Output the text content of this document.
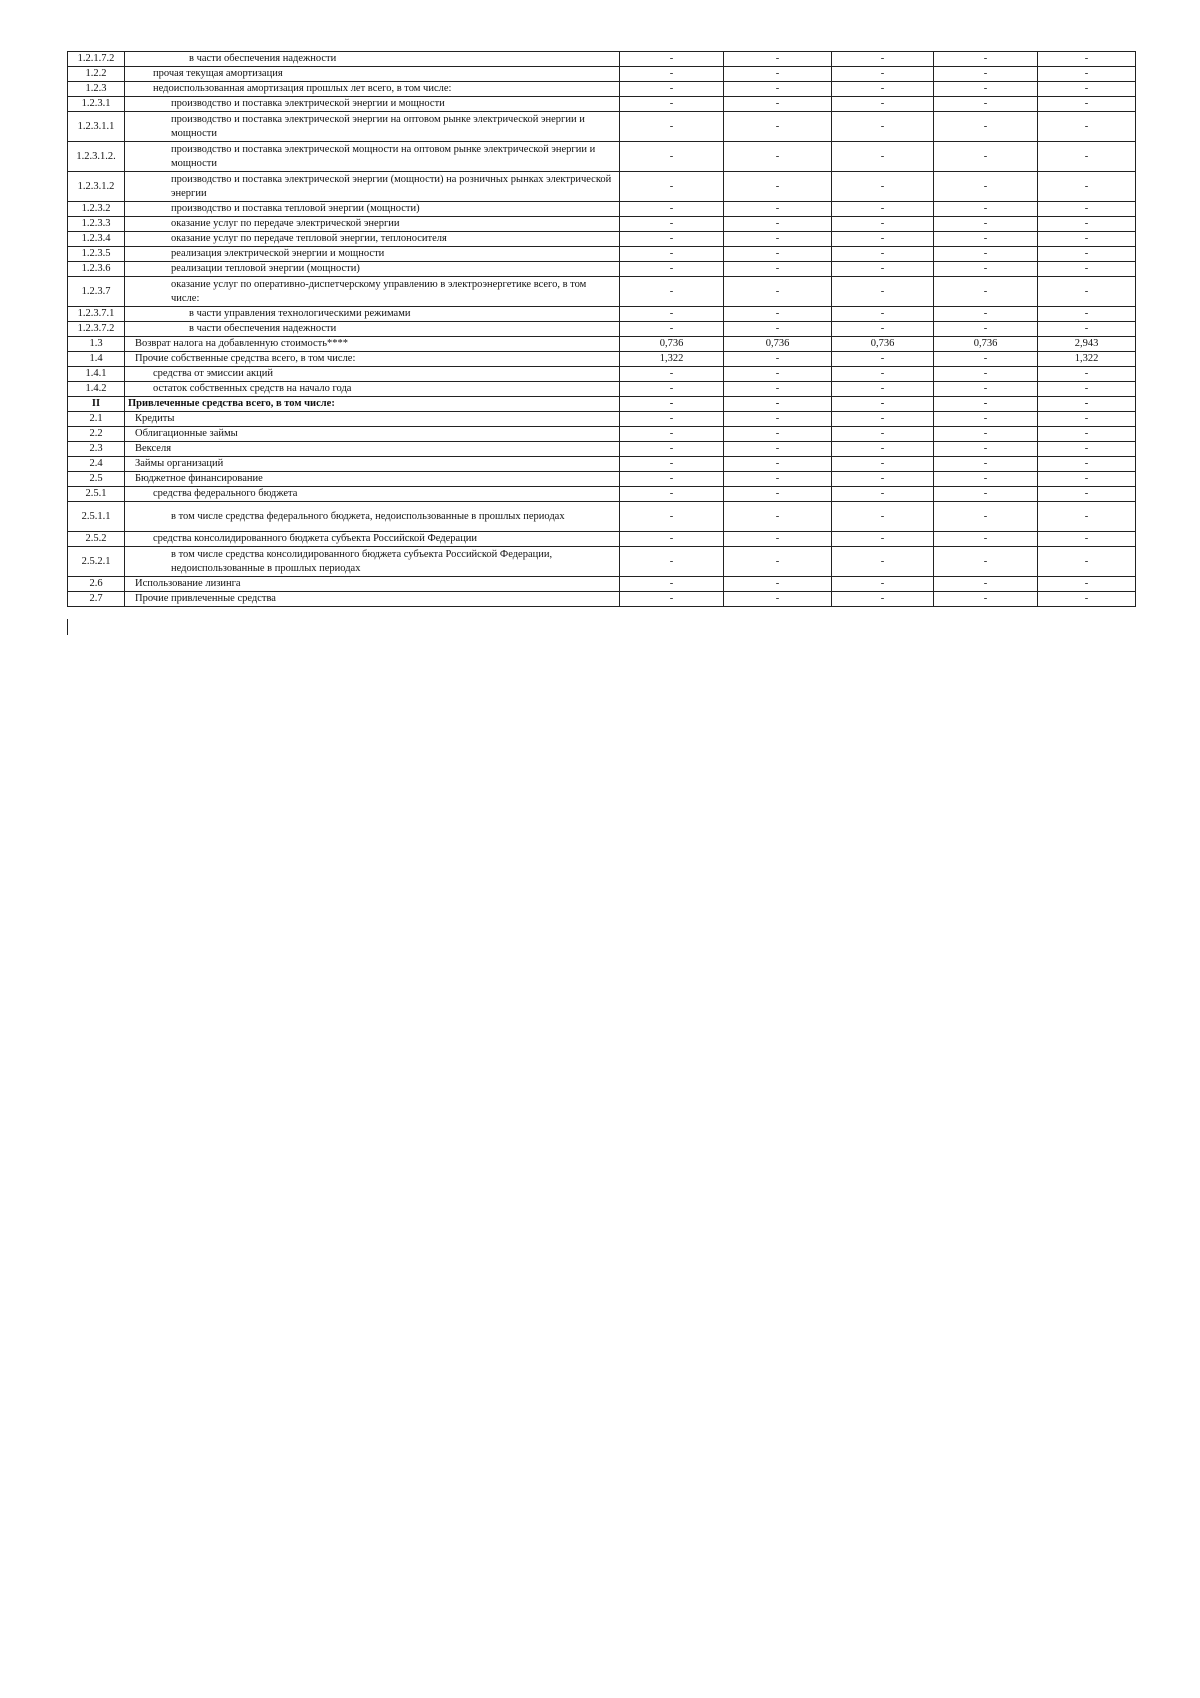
1.2.1.7.2	в части обеспечения надежности	-	-	-	-	-
1.2.2	прочая текущая амортизация	-	-	-	-	-
1.2.3	недоиспользованная амортизация прошлых лет всего, в том числе:	-	-	-	-	-
1.2.3.1	производство и поставка электрической энергии и мощности	-	-	-	-	-
1.2.3.1.1	производство и поставка электрической энергии на оптовом рынке электрической энергии и мощности	-	-	-	-	-
1.2.3.1.2.	производство и поставка электрической мощности на оптовом рынке электрической энергии и мощности	-	-	-	-	-
1.2.3.1.2	производство и поставка электрической энергии (мощности) на розничных рынках электрической энергии	-	-	-	-	-
1.2.3.2	производство и поставка тепловой энергии (мощности)	-	-	-	-	-
1.2.3.3	оказание услуг по передаче электрической энергии	-	-	-	-	-
1.2.3.4	оказание услуг по передаче тепловой энергии, теплоносителя	-	-	-	-	-
1.2.3.5	реализация электрической энергии и мощности	-	-	-	-	-
1.2.3.6	реализации тепловой энергии (мощности)	-	-	-	-	-
1.2.3.7	оказание услуг по оперативно-диспетчерскому управлению в электроэнергетике всего, в том числе:	-	-	-	-	-
1.2.3.7.1	в части управления технологическими режимами	-	-	-	-	-
1.2.3.7.2	в части обеспечения надежности	-	-	-	-	-
1.3	Возврат налога на добавленную стоимость****	0,736	0,736	0,736	0,736	2,943
1.4	Прочие собственные средства всего, в том числе:	1,322	-	-	-	1,322
1.4.1	средства от эмиссии акций	-	-	-	-	-
1.4.2	остаток собственных средств на начало года	-	-	-	-	-
II	Привлеченные средства всего, в том числе:	-	-	-	-	-
2.1	Кредиты	-	-	-	-	-
2.2	Облигационные займы	-	-	-	-	-
2.3	Векселя	-	-	-	-	-
2.4	Займы организаций	-	-	-	-	-
2.5	Бюджетное финансирование	-	-	-	-	-
2.5.1	средства федерального бюджета	-	-	-	-	-
2.5.1.1	в том числе средства федерального бюджета, недоиспользованные в прошлых периодах	-	-	-	-	-
2.5.2	средства консолидированного бюджета субъекта Российской Федерации	-	-	-	-	-
2.5.2.1	в том числе средства консолидированного бюджета субъекта Российской Федерации, недоиспользованные в прошлых периодах	-	-	-	-	-
2.6	Использование лизинга	-	-	-	-	-
2.7	Прочие привлеченные средства	-	-	-	-	-
